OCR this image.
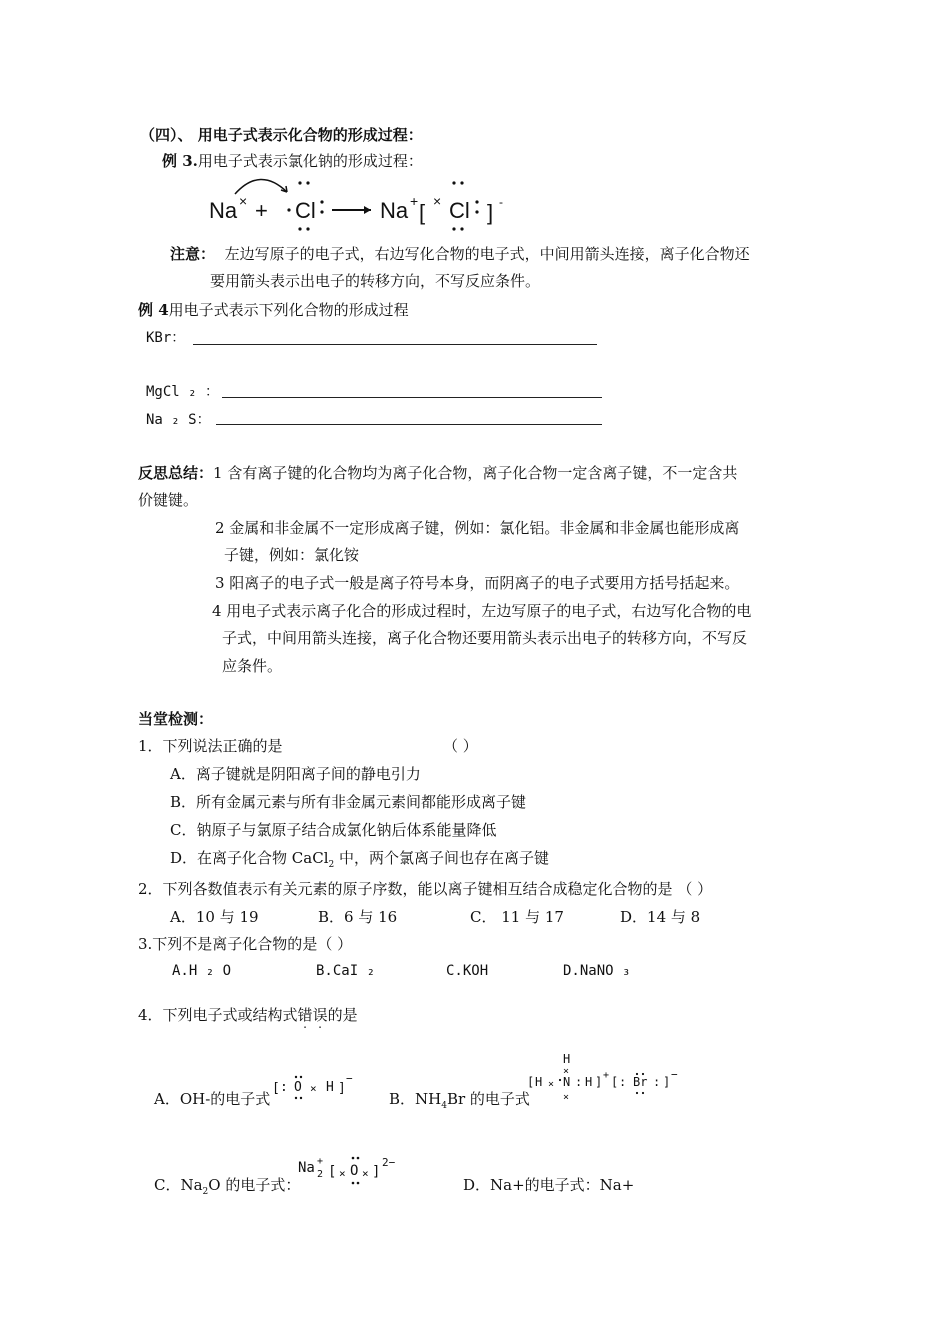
（四）、 用电子式表示化合物的形成过程：
例 3.用电子式表示氯化钠的形成过程：
Na × + Cl	Na + [ × Cl ] -
注意： 左边写原子的电子式，右边写化合物的电子式，中间用箭头连接，离子化合物还
要用箭头表示出电子的转移方向，不写反应条件。
例 4用电子式表示下列化合物的形成过程
KBr：
MgCl ₂ ：
Na ₂ S：
反思总结：1 含有离子键的化合物均为离子化合物，离子化合物一定含离子键，不一定含共
价键键。
2 金属和非金属不一定形成离子键，例如：氯化铝。非金属和非金属也能形成离
子键，例如：氯化铵
3 阳离子的电子式一般是离子符号本身，而阴离子的电子式要用方括号括起来。
4 用电子式表示离子化合的形成过程时，左边写原子的电子式，右边写化合物的电
子式，中间用箭头连接，离子化合物还要用箭头表示出电子的转移方向，不写反
应条件。
当堂检测：
1．下列说法正确的是	（ ）
A．离子键就是阴阳离子间的静电引力
B．所有金属元素与所有非金属元素间都能形成离子键
C．钠原子与氯原子结合成氯化钠后体系能量降低
D．在离子化合物 CaCl$_2$ 中，两个氯离子间也存在离子键
2．下列各数值表示有关元素的原子序数，能以离子键相互结合成稳定化合物的是 （ ）
A．10 与 19	B．6 与 16	C． 11 与 17	D．14 与 8
3.下列不是离子化合物的是（ ）
A.H ₂ O	B.CaI ₂	C.KOH	D.NaNO ₃
4．下列电子式或结构式错误的是
A．OH-的电子式
[ : O × H ]
−
B．$NH_4Br$ 的电子式
H
×
[ H × N : H ] + [ : Br : ]
−
×
C．$Na_2O$ 的电子式：
Na 2
+
[ × O × ]
2−
D．Na+的电子式：Na+
